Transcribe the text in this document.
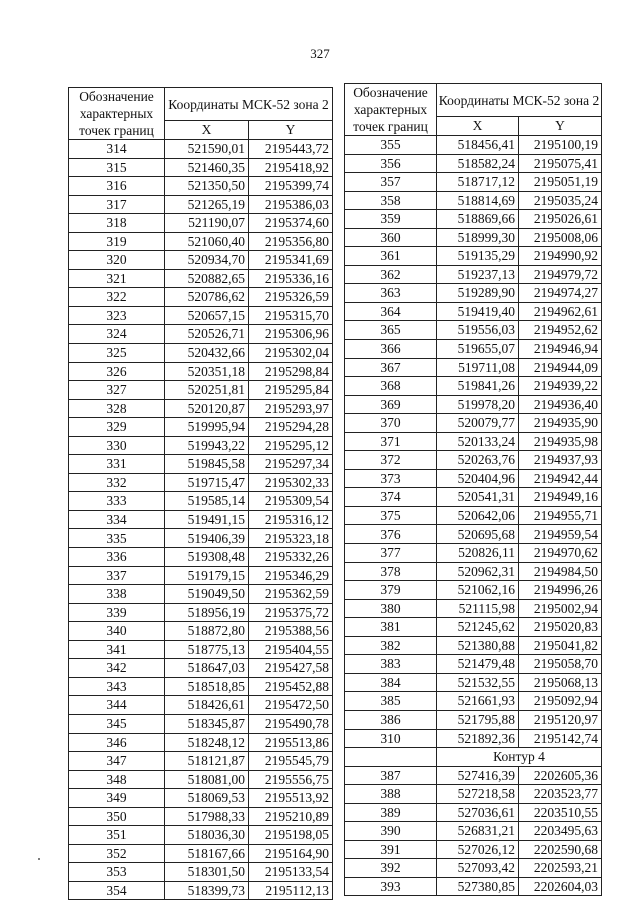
327
Обозначение характерных точек границ	Координаты МСК-52 зона 2	
	X	Y
314	521590,01	2195443,72
315	521460,35	2195418,92
316	521350,50	2195399,74
317	521265,19	2195386,03
318	521190,07	2195374,60
319	521060,40	2195356,80
320	520934,70	2195341,69
321	520882,65	2195336,16
322	520786,62	2195326,59
323	520657,15	2195315,70
324	520526,71	2195306,96
325	520432,66	2195302,04
326	520351,18	2195298,84
327	520251,81	2195295,84
328	520120,87	2195293,97
329	519995,94	2195294,28
330	519943,22	2195295,12
331	519845,58	2195297,34
332	519715,47	2195302,33
333	519585,14	2195309,54
334	519491,15	2195316,12
335	519406,39	2195323,18
336	519308,48	2195332,26
337	519179,15	2195346,29
338	519049,50	2195362,59
339	518956,19	2195375,72
340	518872,80	2195388,56
341	518775,13	2195404,55
342	518647,03	2195427,58
343	518518,85	2195452,88
344	518426,61	2195472,50
345	518345,87	2195490,78
346	518248,12	2195513,86
347	518121,87	2195545,79
348	518081,00	2195556,75
349	518069,53	2195513,92
350	517988,33	2195210,89
351	518036,30	2195198,05
352	518167,66	2195164,90
353	518301,50	2195133,54
354	518399,73	2195112,13
Обозначение характерных точек границ	Координаты МСК-52 зона 2	
	X	Y
355	518456,41	2195100,19
356	518582,24	2195075,41
357	518717,12	2195051,19
358	518814,69	2195035,24
359	518869,66	2195026,61
360	518999,30	2195008,06
361	519135,29	2194990,92
362	519237,13	2194979,72
363	519289,90	2194974,27
364	519419,40	2194962,61
365	519556,03	2194952,62
366	519655,07	2194946,94
367	519711,08	2194944,09
368	519841,26	2194939,22
369	519978,20	2194936,40
370	520079,77	2194935,90
371	520133,24	2194935,98
372	520263,76	2194937,93
373	520404,96	2194942,44
374	520541,31	2194949,16
375	520642,06	2194955,71
376	520695,68	2194959,54
377	520826,11	2194970,62
378	520962,31	2194984,50
379	521062,16	2194996,26
380	521115,98	2195002,94
381	521245,62	2195020,83
382	521380,88	2195041,82
383	521479,48	2195058,70
384	521532,55	2195068,13
385	521661,93	2195092,94
386	521795,88	2195120,97
310	521892,36	2195142,74
	Контур 4	
387	527416,39	2202605,36
388	527218,58	2203523,77
389	527036,61	2203510,55
390	526831,21	2203495,63
391	527026,12	2202590,68
392	527093,42	2202593,21
393	527380,85	2202604,03
